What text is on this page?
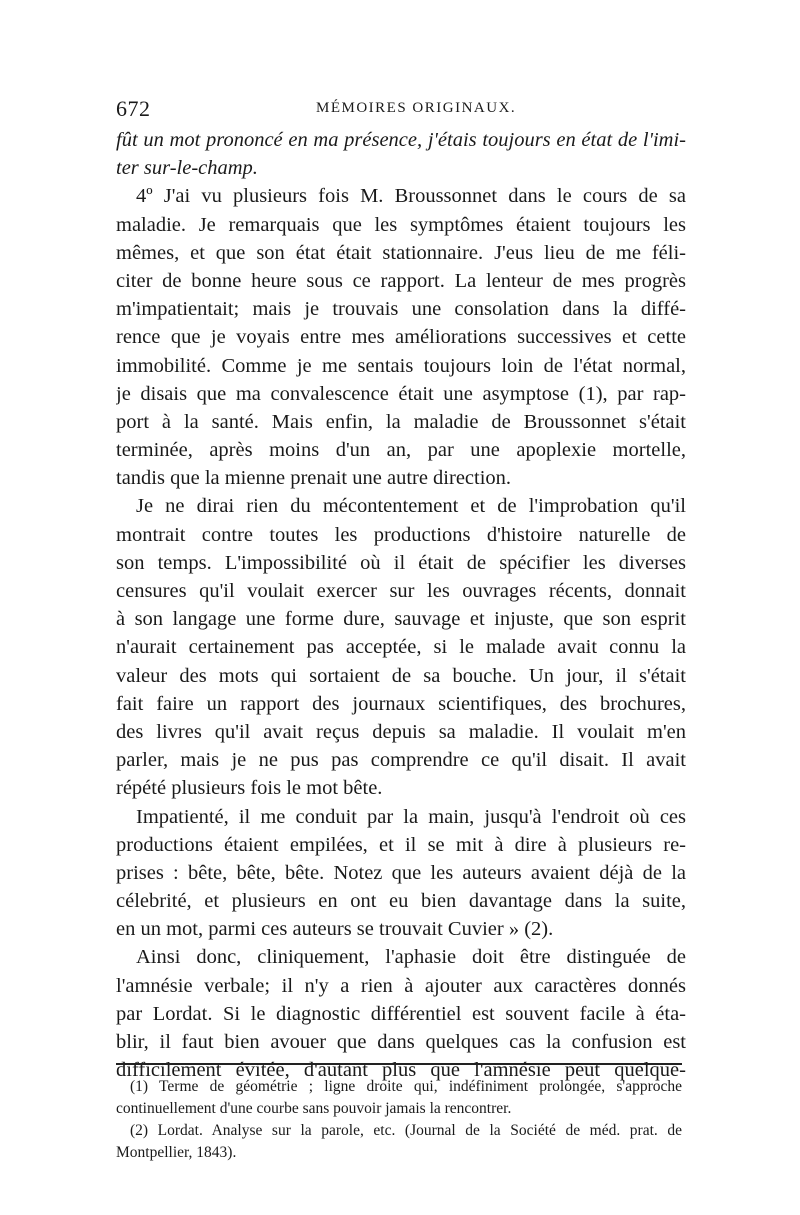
672	MÉMOIRES ORIGINAUX.
fût un mot prononcé en ma présence, j'étais toujours en état de l'imi-
ter sur-le-champ.
4º J'ai vu plusieurs fois M. Broussonnet dans le cours de sa
maladie. Je remarquais que les symptômes étaient toujours les
mêmes, et que son état était stationnaire. J'eus lieu de me féli-
citer de bonne heure sous ce rapport. La lenteur de mes progrès
m'impatientait; mais je trouvais une consolation dans la diffé-
rence que je voyais entre mes améliorations successives et cette
immobilité. Comme je me sentais toujours loin de l'état normal,
je disais que ma convalescence était une asymptose (1), par rap-
port à la santé. Mais enfin, la maladie de Broussonnet s'était
terminée, après moins d'un an, par une apoplexie mortelle,
tandis que la mienne prenait une autre direction.
Je ne dirai rien du mécontentement et de l'improbation qu'il
montrait contre toutes les productions d'histoire naturelle de
son temps. L'impossibilité où il était de spécifier les diverses
censures qu'il voulait exercer sur les ouvrages récents, donnait
à son langage une forme dure, sauvage et injuste, que son esprit
n'aurait certainement pas acceptée, si le malade avait connu la
valeur des mots qui sortaient de sa bouche. Un jour, il s'était
fait faire un rapport des journaux scientifiques, des brochures,
des livres qu'il avait reçus depuis sa maladie. Il voulait m'en
parler, mais je ne pus pas comprendre ce qu'il disait. Il avait
répété plusieurs fois le mot bête.
Impatienté, il me conduit par la main, jusqu'à l'endroit où ces
productions étaient empilées, et il se mit à dire à plusieurs re-
prises : bête, bête, bête. Notez que les auteurs avaient déjà de la
célebrité, et plusieurs en ont eu bien davantage dans la suite,
en un mot, parmi ces auteurs se trouvait Cuvier » (2).
Ainsi donc, cliniquement, l'aphasie doit être distinguée de
l'amnésie verbale; il n'y a rien à ajouter aux caractères donnés
par Lordat. Si le diagnostic différentiel est souvent facile à éta-
blir, il faut bien avouer que dans quelques cas la confusion est
difficilement évitée, d'autant plus que l'amnésie peut quelque-
(1) Terme de géométrie ; ligne droite qui, indéfiniment prolongée, s'approche
continuellement d'une courbe sans pouvoir jamais la rencontrer.
(2) Lordat. Analyse sur la parole, etc. (Journal de la Société de méd. prat. de
Montpellier, 1843).
